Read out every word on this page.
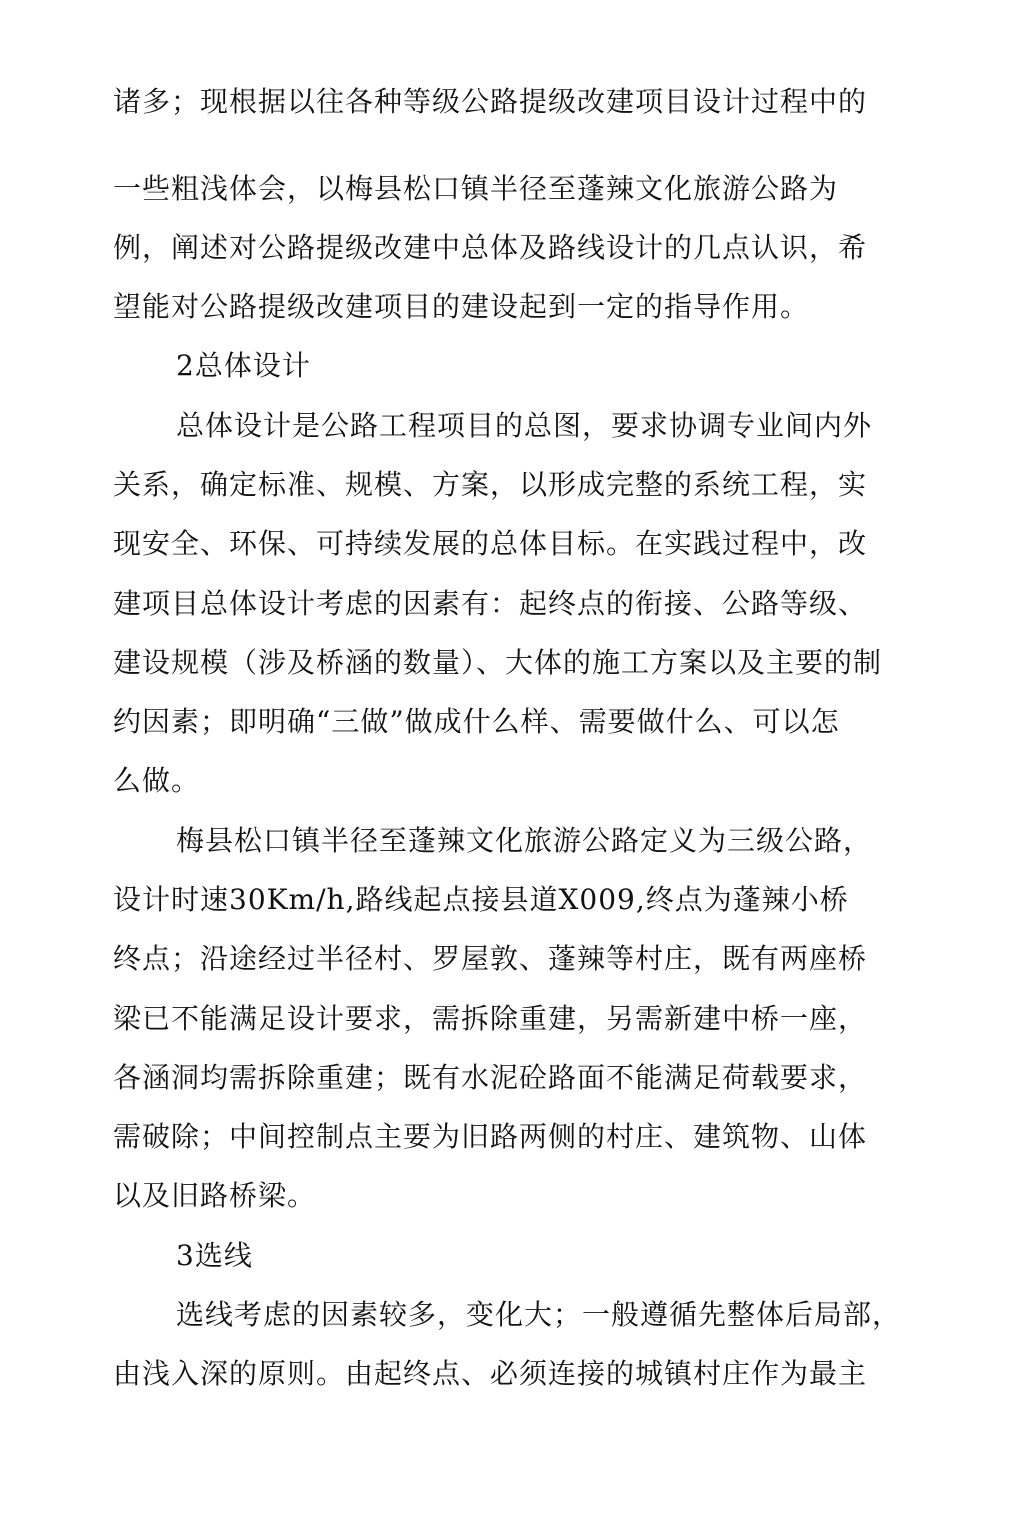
诸多；现根据以往各种等级公路提级改建项目设计过程中的

一些粗浅体会，以梅县松口镇半径至蓬辣文化旅游公路为

例，阐述对公路提级改建中总体及路线设计的几点认识，希

望能对公路提级改建项目的建设起到一定的指导作用。

2总体设计

总体设计是公路工程项目的总图，要求协调专业间内外

关系，确定标准、规模、方案，以形成完整的系统工程，实

现安全、环保、可持续发展的总体目标。在实践过程中，改

建项目总体设计考虑的因素有：起终点的衔接、公路等级、

建设规模（涉及桥涵的数量）、大体的施工方案以及主要的制

约因素；即明确“三做”做成什么样、需要做什么、可以怎

么做。

梅县松口镇半径至蓬辣文化旅游公路定义为三级公路，

设计时速30Km/h,路线起点接县道X009,终点为蓬辣小桥

终点；沿途经过半径村、罗屋敦、蓬辣等村庄，既有两座桥

梁已不能满足设计要求，需拆除重建，另需新建中桥一座，

各涵洞均需拆除重建；既有水泥砼路面不能满足荷载要求，

需破除；中间控制点主要为旧路两侧的村庄、建筑物、山体

以及旧路桥梁。

3选线

选线考虑的因素较多，变化大；一般遵循先整体后局部，

由浅入深的原则。由起终点、必须连接的城镇村庄作为最主
